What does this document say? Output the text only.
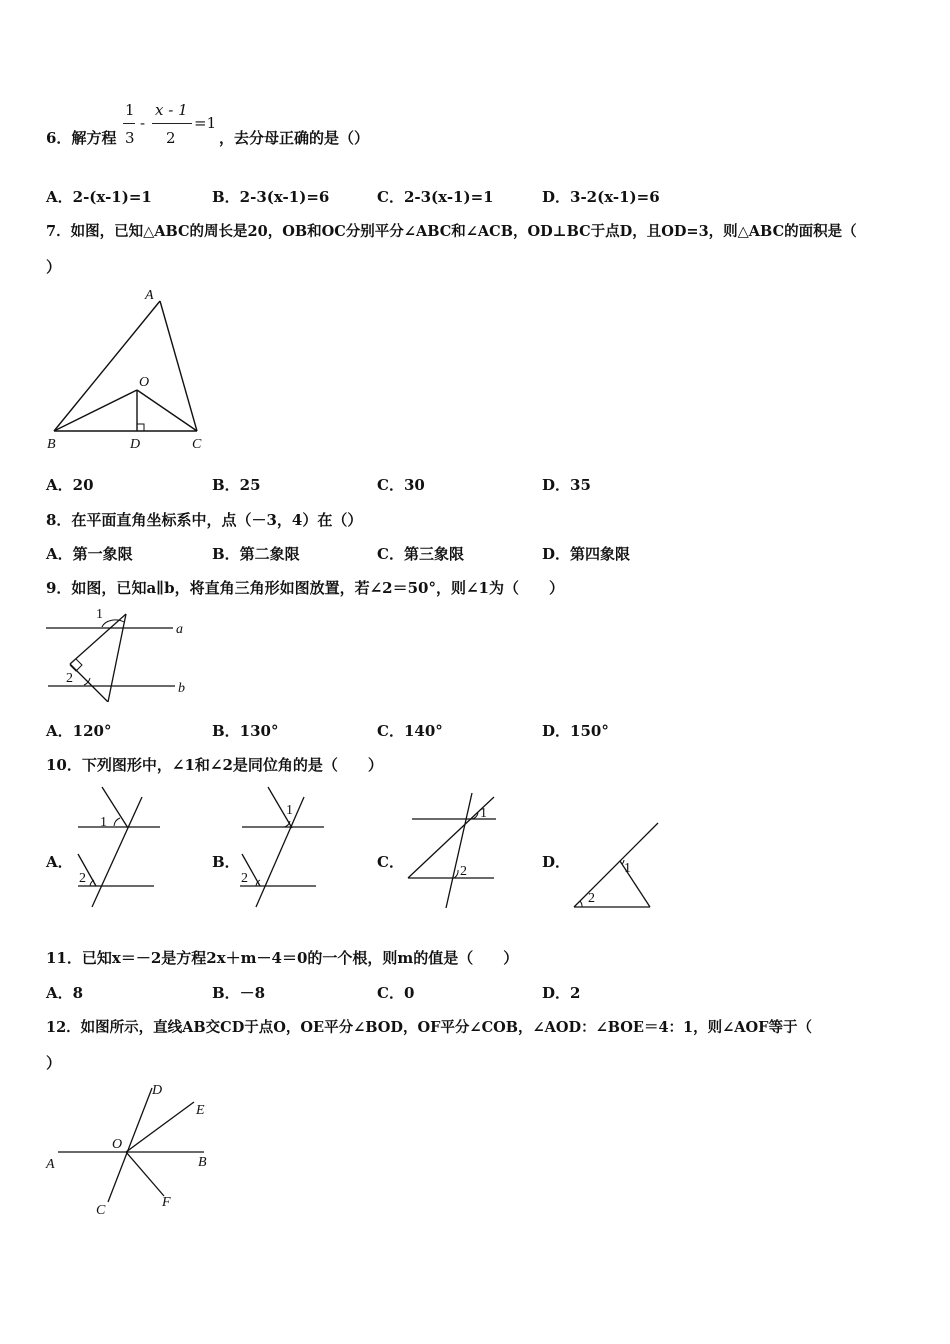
6．解方程
1
3
-
x - 1
2
=1
，去分母正确的是（）
A．2-(x-1)=1	B．2-3(x-1)=6	C．2-3(x-1)=1	D．3-2(x-1)=6
7．如图，已知△ABC的周长是20，OB和OC分别平分∠ABC和∠ACB，OD⊥BC于点D，且OD=3，则△ABC的面积是（
）
A
O
B	D	C
A．20	B．25	C．30	D．35
8．在平面直角坐标系中，点（－3，4）在（）
A．第一象限	B．第二象限	C．第三象限	D．第四象限
9．如图，已知a∥b，将直角三角形如图放置，若∠2＝50°，则∠1为（　　）
1
a
2
b
A．120°	B．130°	C．140°	D．150°
10．下列图形中，∠1和∠2是同位角的是（　　）
A．
1
2
B．
1
2
C．
1
2
D．	1
2
11．已知x＝－2是方程2x＋m－4＝0的一个根，则m的值是（　　）
A．8	B．－8	C．0	D．2
12．如图所示，直线AB交CD于点O，OE平分∠BOD，OF平分∠COB，∠AOD：∠BOE＝4：1，则∠AOF等于（
）
D
E
O
A	B
C
F
